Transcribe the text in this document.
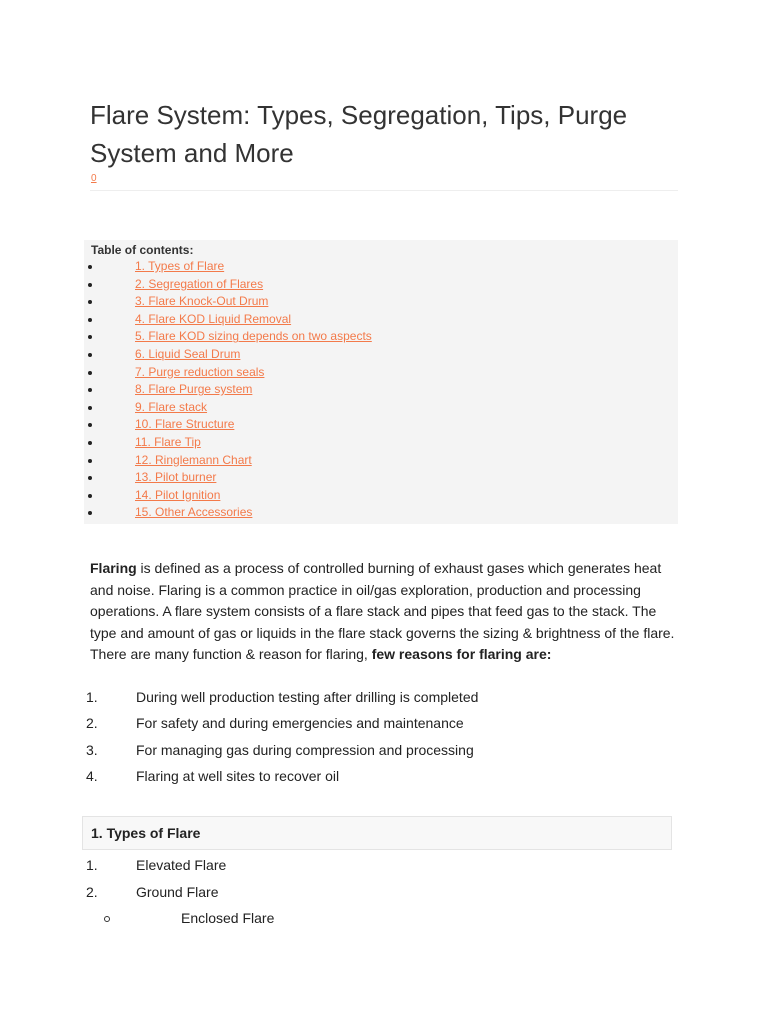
Flare System: Types, Segregation, Tips, Purge System and More
0
Table of contents:
1. Types of Flare
2. Segregation of Flares
3. Flare Knock-Out Drum
4. Flare KOD Liquid Removal
5. Flare KOD sizing depends on two aspects
6. Liquid Seal Drum
7. Purge reduction seals
8. Flare Purge system
9. Flare stack
10. Flare Structure
11. Flare Tip
12. Ringlemann Chart
13. Pilot burner
14. Pilot Ignition
15. Other Accessories

Flaring is defined as a process of controlled burning of exhaust gases which generates heat and noise. Flaring is a common practice in oil/gas exploration, production and processing operations. A flare system consists of a flare stack and pipes that feed gas to the stack. The type and amount of gas or liquids in the flare stack governs the sizing & brightness of the flare.
There are many function & reason for flaring, few reasons for flaring are:

1.	During well production testing after drilling is completed
2.	For safety and during emergencies and maintenance
3.	For managing gas during compression and processing
4.	Flaring at well sites to recover oil
1. Types of Flare
1.	Elevated Flare
2.	Ground Flare
Enclosed Flare
